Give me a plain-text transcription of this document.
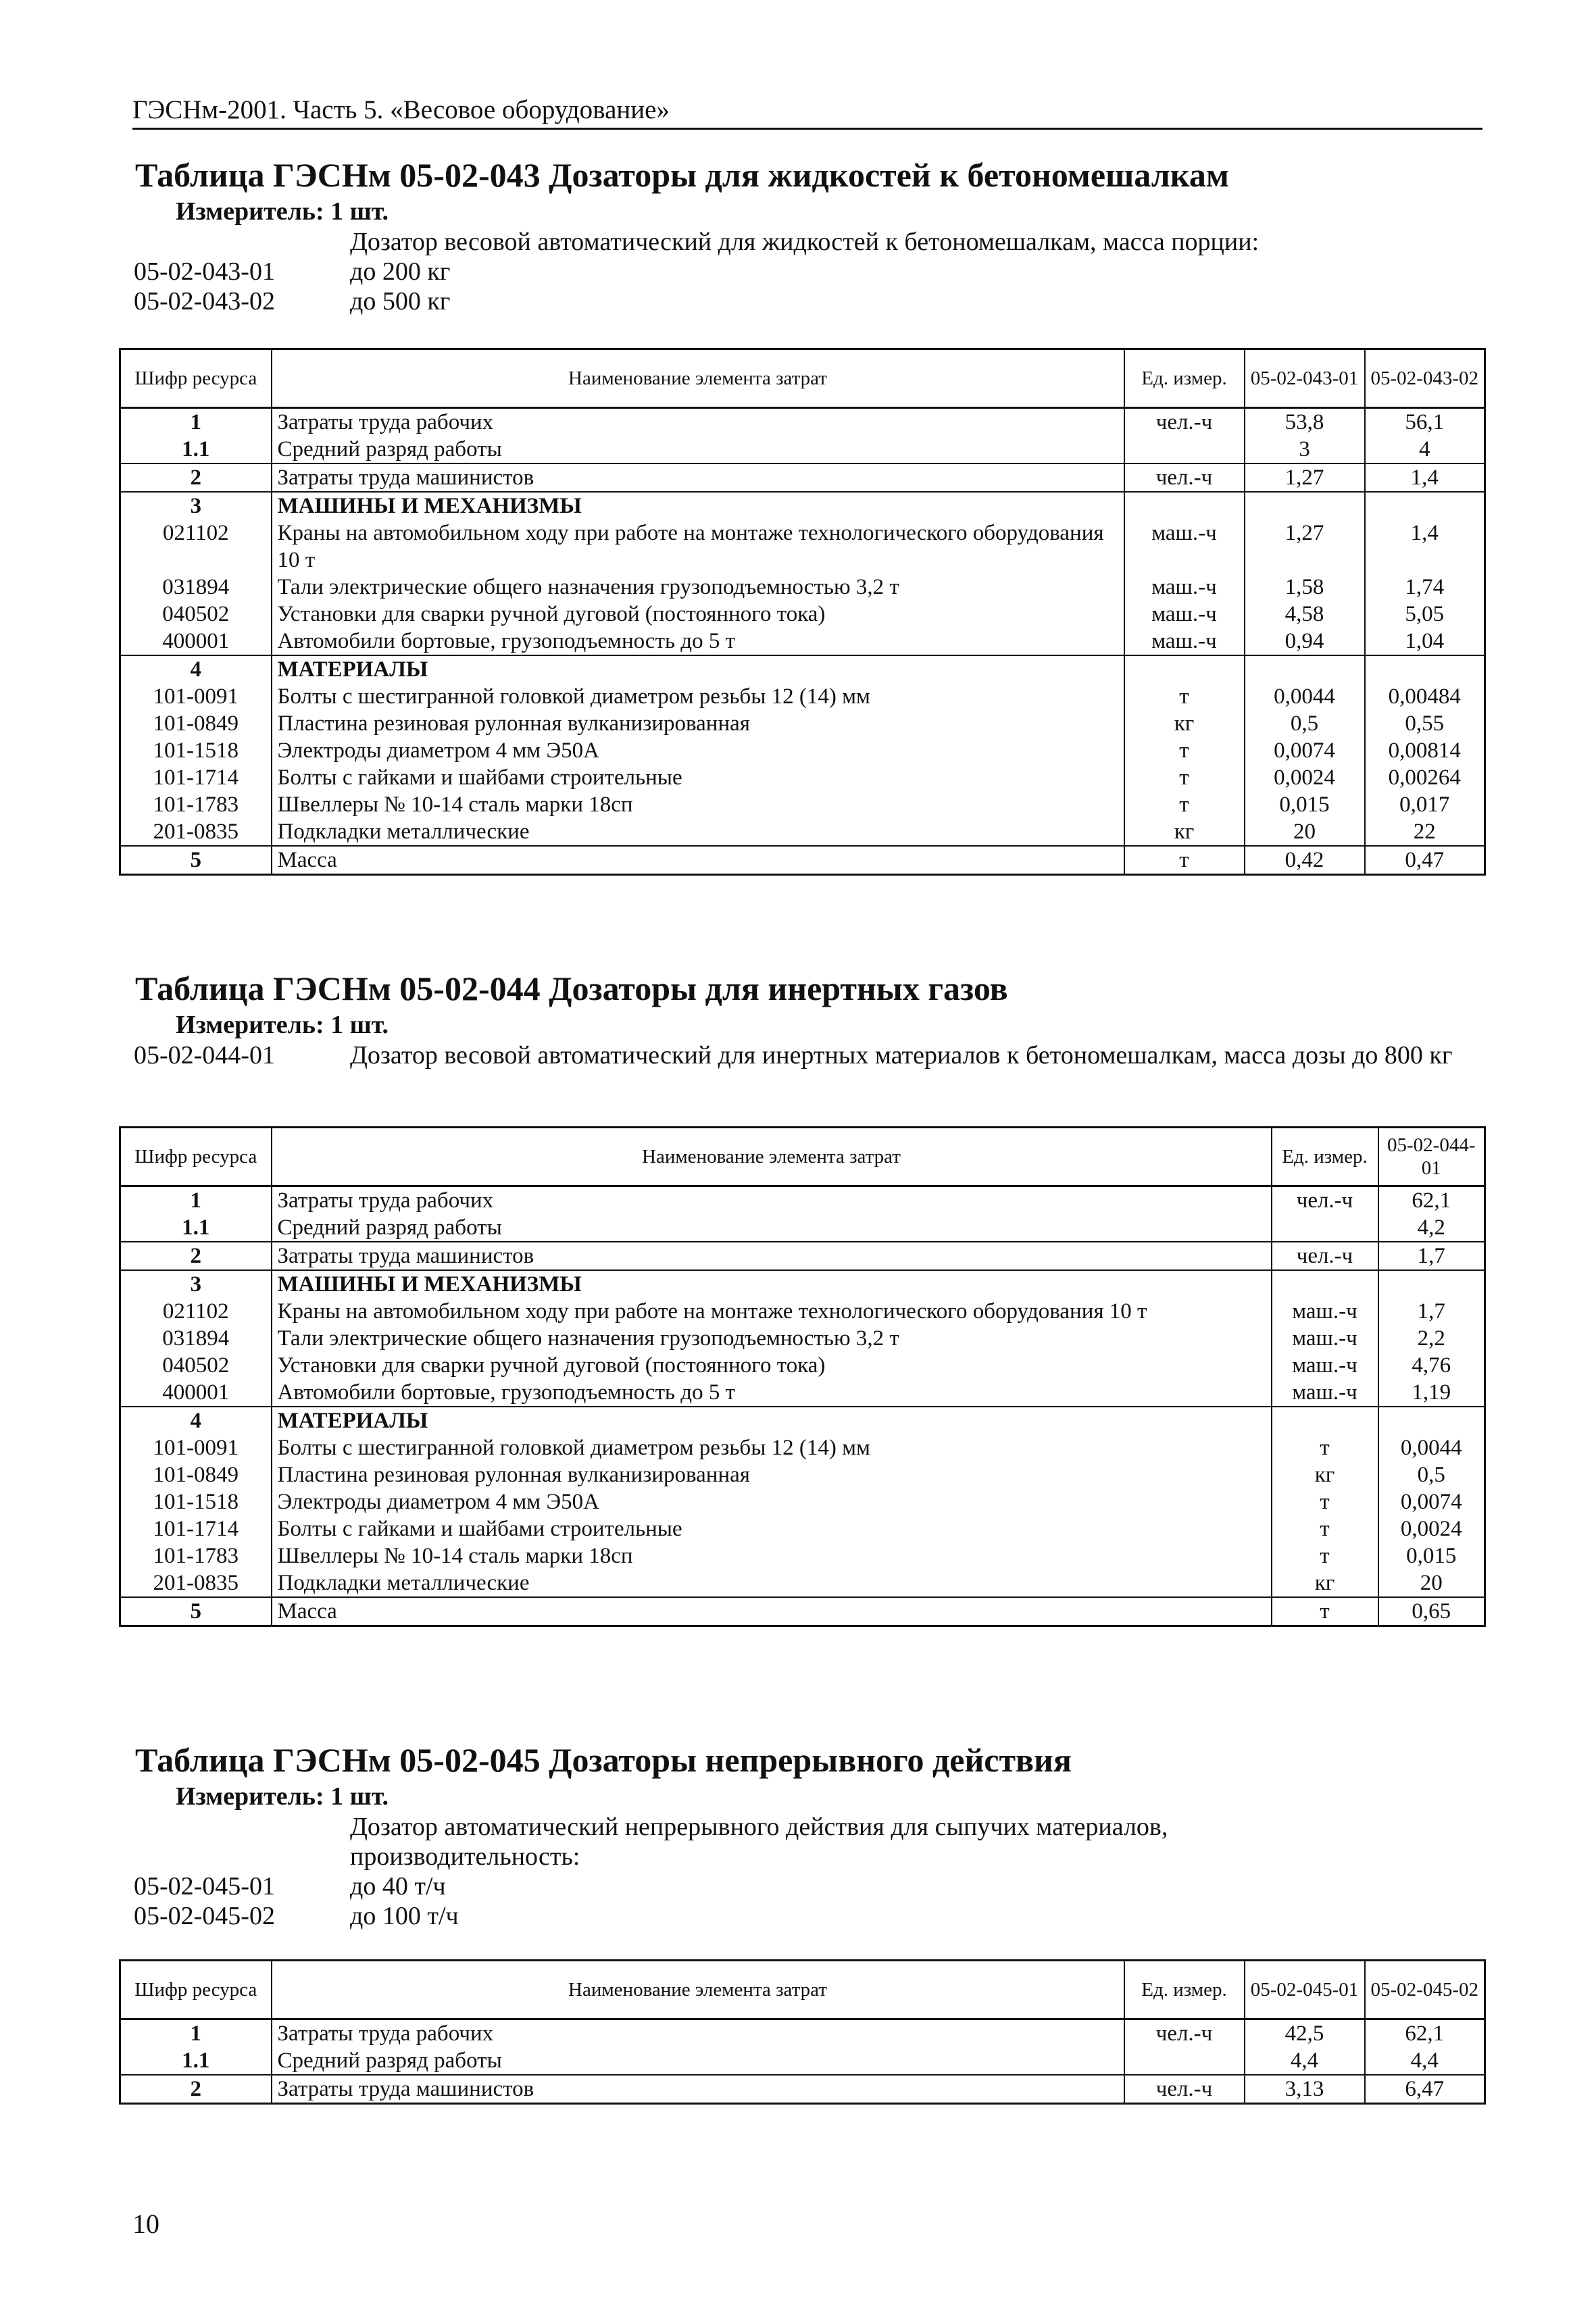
ГЭСНм-2001. Часть 5. «Весовое оборудование»
Таблица ГЭСНм 05-02-043 Дозаторы для жидкостей к бетономешалкам
Измеритель: 1 шт.
Дозатор весовой автоматический для жидкостей к бетономешалкам, масса порции:
05-02-043-01	до 200 кг
05-02-043-02	до 500 кг
Шифр ресурса	Наименование элемента затрат	Ед. измер.	05-02-043-01	05-02-043-02
1	Затраты труда рабочих	чел.-ч	53,8	56,1
1.1	Средний разряд работы		3	4
2	Затраты труда машинистов	чел.-ч	1,27	1,4
3	МАШИНЫ И МЕХАНИЗМЫ			
021102	Краны на автомобильном ходу при работе на монтаже технологического оборудования 10 т	маш.-ч	1,27	1,4
031894	Тали электрические общего назначения грузоподъемностью 3,2 т	маш.-ч	1,58	1,74
040502	Установки для сварки ручной дуговой (постоянного тока)	маш.-ч	4,58	5,05
400001	Автомобили бортовые, грузоподъемность до 5 т	маш.-ч	0,94	1,04
4	МАТЕРИАЛЫ			
101-0091	Болты с шестигранной головкой диаметром резьбы 12 (14) мм	т	0,0044	0,00484
101-0849	Пластина резиновая рулонная вулканизированная	кг	0,5	0,55
101-1518	Электроды диаметром 4 мм Э50А	т	0,0074	0,00814
101-1714	Болты с гайками и шайбами строительные	т	0,0024	0,00264
101-1783	Швеллеры № 10-14 сталь марки 18сп	т	0,015	0,017
201-0835	Подкладки металлические	кг	20	22
5	Масса	т	0,42	0,47
Таблица ГЭСНм 05-02-044 Дозаторы для инертных газов
Измеритель: 1 шт.
05-02-044-01	Дозатор весовой автоматический для инертных материалов к бетономешалкам, масса дозы до 800 кг
Шифр ресурса	Наименование элемента затрат	Ед. измер.	05-02-044-01
1	Затраты труда рабочих	чел.-ч	62,1
1.1	Средний разряд работы		4,2
2	Затраты труда машинистов	чел.-ч	1,7
3	МАШИНЫ И МЕХАНИЗМЫ		
021102	Краны на автомобильном ходу при работе на монтаже технологического оборудования 10 т	маш.-ч	1,7
031894	Тали электрические общего назначения грузоподъемностью 3,2 т	маш.-ч	2,2
040502	Установки для сварки ручной дуговой (постоянного тока)	маш.-ч	4,76
400001	Автомобили бортовые, грузоподъемность до 5 т	маш.-ч	1,19
4	МАТЕРИАЛЫ		
101-0091	Болты с шестигранной головкой диаметром резьбы 12 (14) мм	т	0,0044
101-0849	Пластина резиновая рулонная вулканизированная	кг	0,5
101-1518	Электроды диаметром 4 мм Э50А	т	0,0074
101-1714	Болты с гайками и шайбами строительные	т	0,0024
101-1783	Швеллеры № 10-14 сталь марки 18сп	т	0,015
201-0835	Подкладки металлические	кг	20
5	Масса	т	0,65
Таблица ГЭСНм 05-02-045 Дозаторы непрерывного действия
Измеритель: 1 шт.
Дозатор автоматический непрерывного действия для сыпучих материалов, производительность:
05-02-045-01	до 40 т/ч
05-02-045-02	до 100 т/ч
Шифр ресурса	Наименование элемента затрат	Ед. измер.	05-02-045-01	05-02-045-02
1	Затраты труда рабочих	чел.-ч	42,5	62,1
1.1	Средний разряд работы		4,4	4,4
2	Затраты труда машинистов	чел.-ч	3,13	6,47
10
